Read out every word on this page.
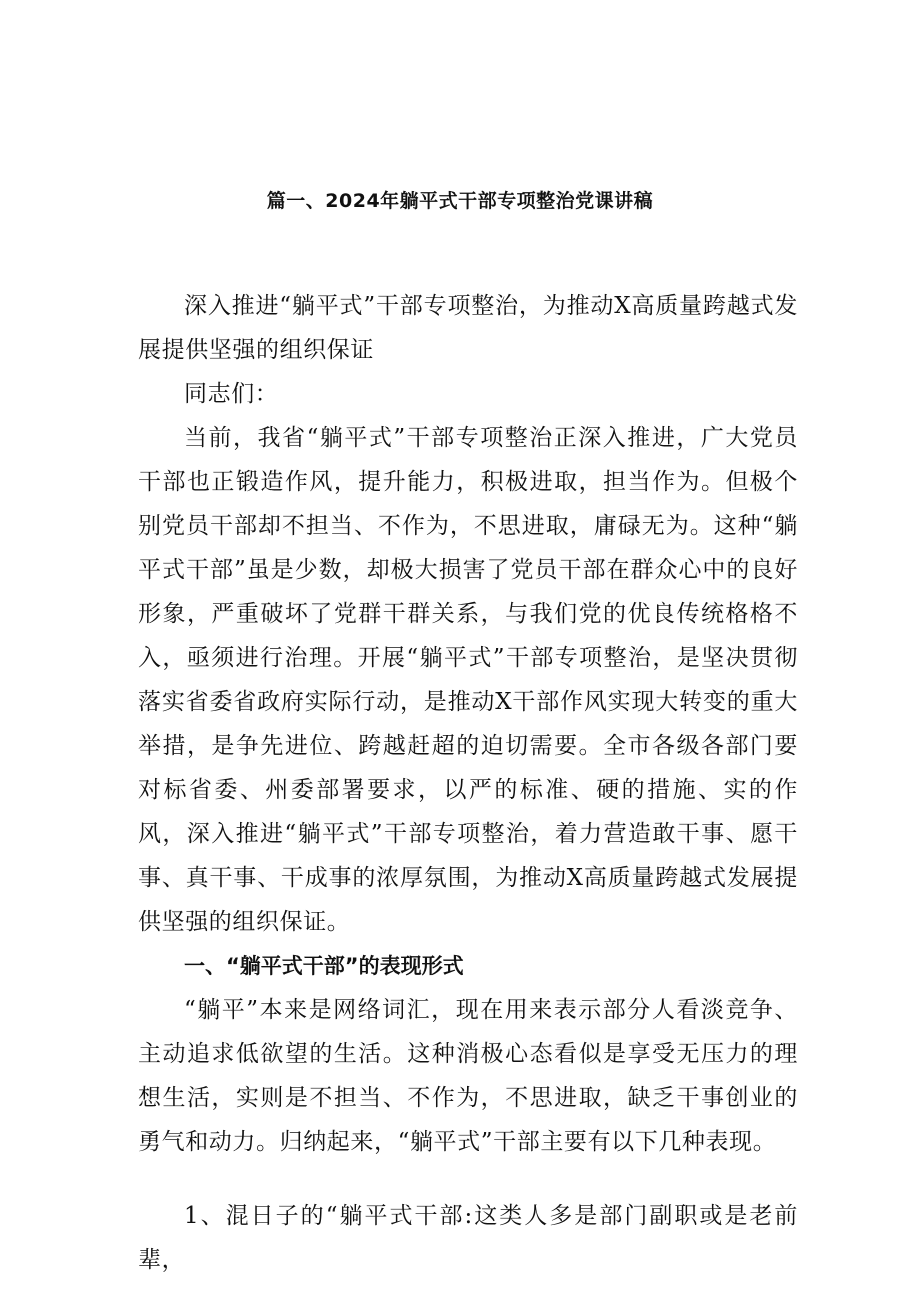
篇一、2024年躺平式干部专项整治党课讲稿

深入推进“躺平式”干部专项整治，为推动X高质量跨越式发展提供坚强的组织保证

同志们：

当前，我省“躺平式”干部专项整治正深入推进，广大党员干部也正锻造作风，提升能力，积极进取，担当作为。但极个别党员干部却不担当、不作为，不思进取，庸碌无为。这种“躺平式干部”虽是少数，却极大损害了党员干部在群众心中的良好形象，严重破坏了党群干群关系，与我们党的优良传统格格不入，亟须进行治理。开展“躺平式”干部专项整治，是坚决贯彻落实省委省政府实际行动，是推动X干部作风实现大转变的重大举措，是争先进位、跨越赶超的迫切需要。全市各级各部门要对标省委、州委部署要求，以严的标准、硬的措施、实的作风，深入推进“躺平式”干部专项整治，着力营造敢干事、愿干事、真干事、干成事的浓厚氛围，为推动X高质量跨越式发展提供坚强的组织保证。

一、“躺平式干部”的表现形式

“躺平”本来是网络词汇，现在用来表示部分人看淡竞争、主动追求低欲望的生活。这种消极心态看似是享受无压力的理想生活，实则是不担当、不作为，不思进取，缺乏干事创业的勇气和动力。归纳起来，“躺平式”干部主要有以下几种表现。

1、混日子的“躺平式干部:这类人多是部门副职或是老前辈，
